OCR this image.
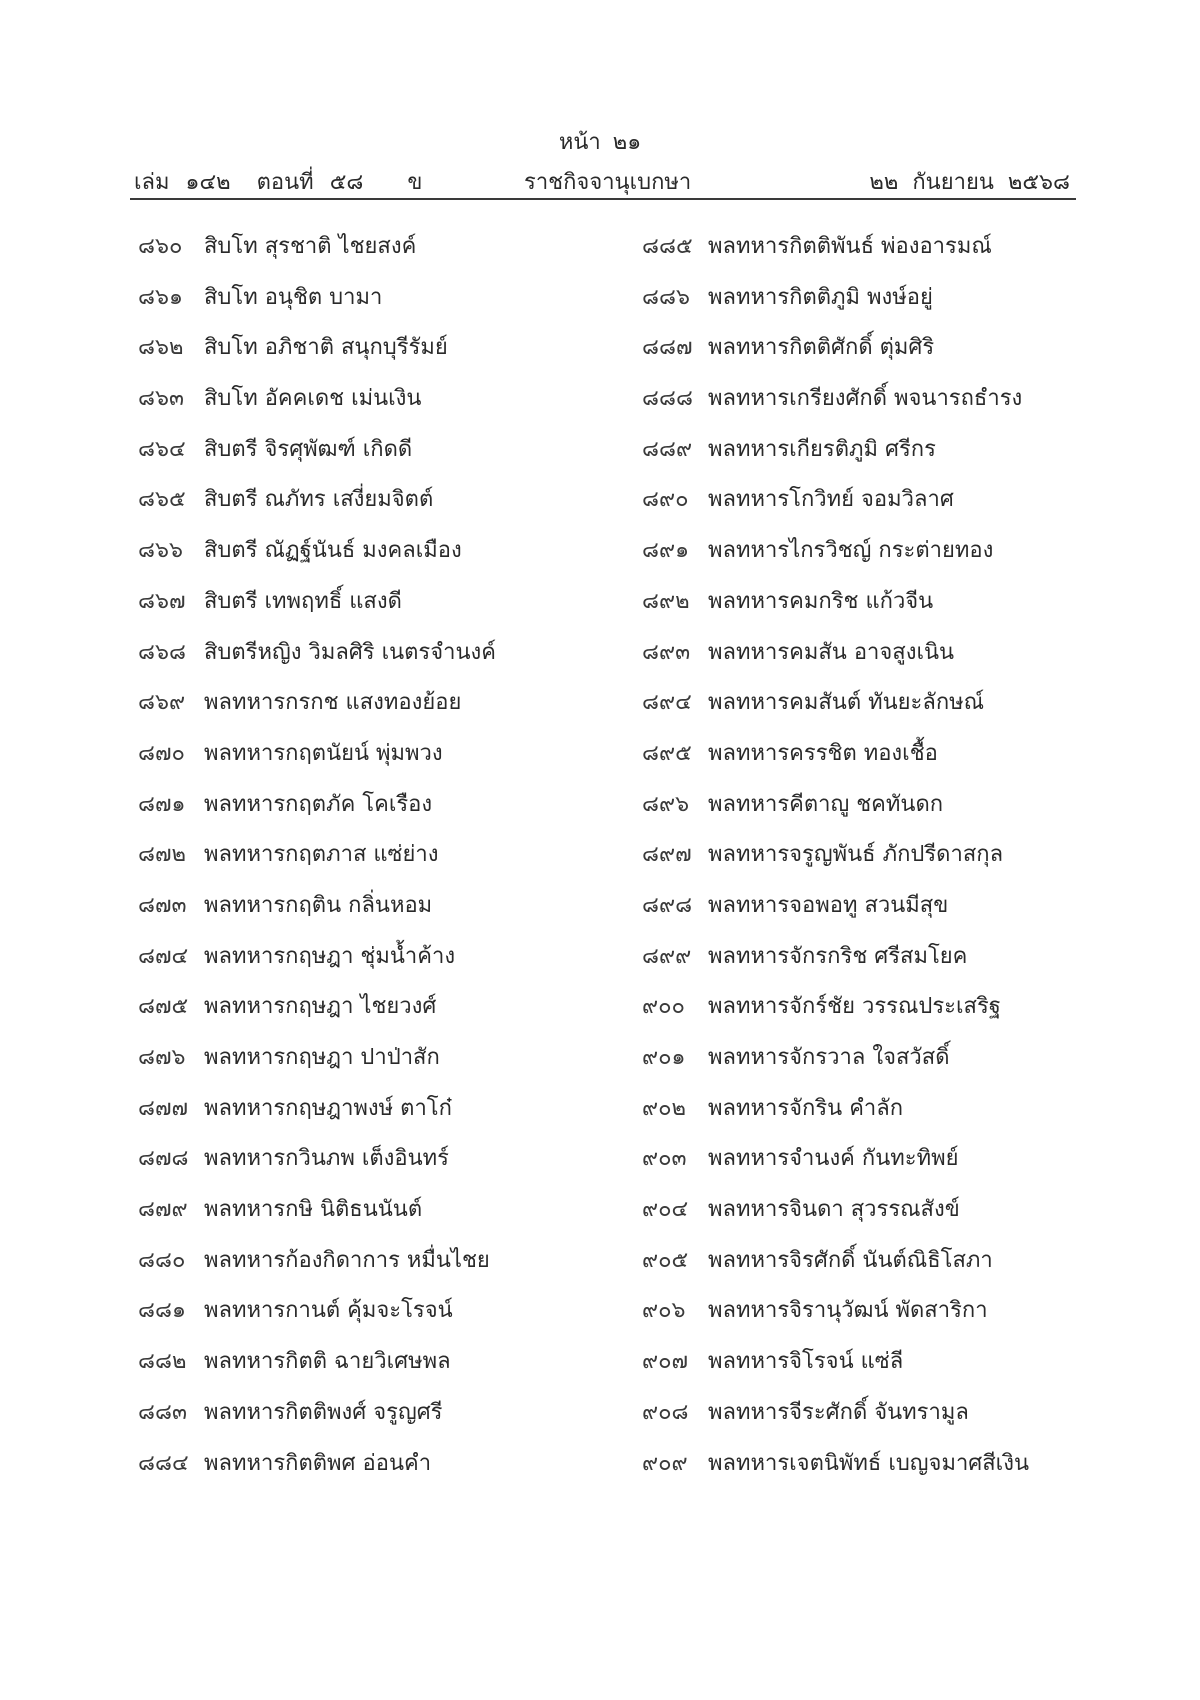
หน้า ๒๑
เล่ม ๑๔๒ ตอนที่ ๕๘ ข	ราชกิจจานุเบกษา	๒๒ กันยายน ๒๕๖๘
๘๖๐ สิบโท สุรชาติ ไชยสงค์
๘๖๑ สิบโท อนุชิต บามา
๘๖๒ สิบโท อภิชาติ สนุกบุรีรัมย์
๘๖๓ สิบโท อัคคเดช เม่นเงิน
๘๖๔ สิบตรี จิรศุพัฒฑ์ เกิดดี
๘๖๕ สิบตรี ณภัทร เสงี่ยมจิตต์
๘๖๖ สิบตรี ณัฏฐ์นันธ์ มงคลเมือง
๘๖๗ สิบตรี เทพฤทธิ์ แสงดี
๘๖๘ สิบตรีหญิง วิมลศิริ เนตรจำนงค์
๘๖๙ พลทหารกรกช แสงทองย้อย
๘๗๐ พลทหารกฤตนัยน์ พุ่มพวง
๘๗๑ พลทหารกฤตภัค โคเรือง
๘๗๒ พลทหารกฤตภาส แซ่ย่าง
๘๗๓ พลทหารกฤติน กลิ่นหอม
๘๗๔ พลทหารกฤษฎา ชุ่มน้ำค้าง
๘๗๕ พลทหารกฤษฎา ไชยวงศ์
๘๗๖ พลทหารกฤษฎา ปาป่าสัก
๘๗๗ พลทหารกฤษฎาพงษ์ ตาโก๋
๘๗๘ พลทหารกวินภพ เต็งอินทร์
๘๗๙ พลทหารกษิ นิติธนนันต์
๘๘๐ พลทหารก้องกิดาการ หมื่นไชย
๘๘๑ พลทหารกานต์ คุ้มจะโรจน์
๘๘๒ พลทหารกิตติ ฉายวิเศษพล
๘๘๓ พลทหารกิตติพงศ์ จรูญศรี
๘๘๔ พลทหารกิตติพศ อ่อนคำ
๘๘๕ พลทหารกิตติพันธ์ พ่องอารมณ์
๘๘๖ พลทหารกิตติภูมิ พงษ์อยู่
๘๘๗ พลทหารกิตติศักดิ์ ตุ่มศิริ
๘๘๘ พลทหารเกรียงศักดิ์ พจนารถธำรง
๘๘๙ พลทหารเกียรติภูมิ ศรีกร
๘๙๐ พลทหารโกวิทย์ จอมวิลาศ
๘๙๑ พลทหารไกรวิชญ์ กระต่ายทอง
๘๙๒ พลทหารคมกริช แก้วจีน
๘๙๓ พลทหารคมสัน อาจสูงเนิน
๘๙๔ พลทหารคมสันต์ ทันยะลักษณ์
๘๙๕ พลทหารครรชิต ทองเชื้อ
๘๙๖ พลทหารคีตาญู ชคทันดก
๘๙๗ พลทหารจรูญพันธ์ ภักปรีดาสกุล
๘๙๘ พลทหารจอพอทู สวนมีสุข
๘๙๙ พลทหารจักรกริช ศรีสมโยค
๙๐๐	พลทหารจักร์ชัย วรรณประเสริฐ
๙๐๑	พลทหารจักรวาล ใจสวัสดิ์
๙๐๒ พลทหารจักริน คำลัก
๙๐๓ พลทหารจำนงค์ กันทะทิพย์
๙๐๔ พลทหารจินดา สุวรรณสังข์
๙๐๕ พลทหารจิรศักดิ์ นันต์ณิธิโสภา
๙๐๖	พลทหารจิรานุวัฒน์ พัดสาริกา
๙๐๗ พลทหารจิโรจน์ แซ่ลี
๙๐๘ พลทหารจีระศักดิ์ จันทรามูล
๙๐๙ พลทหารเจตนิพัทธ์ เบญจมาศสีเงิน
